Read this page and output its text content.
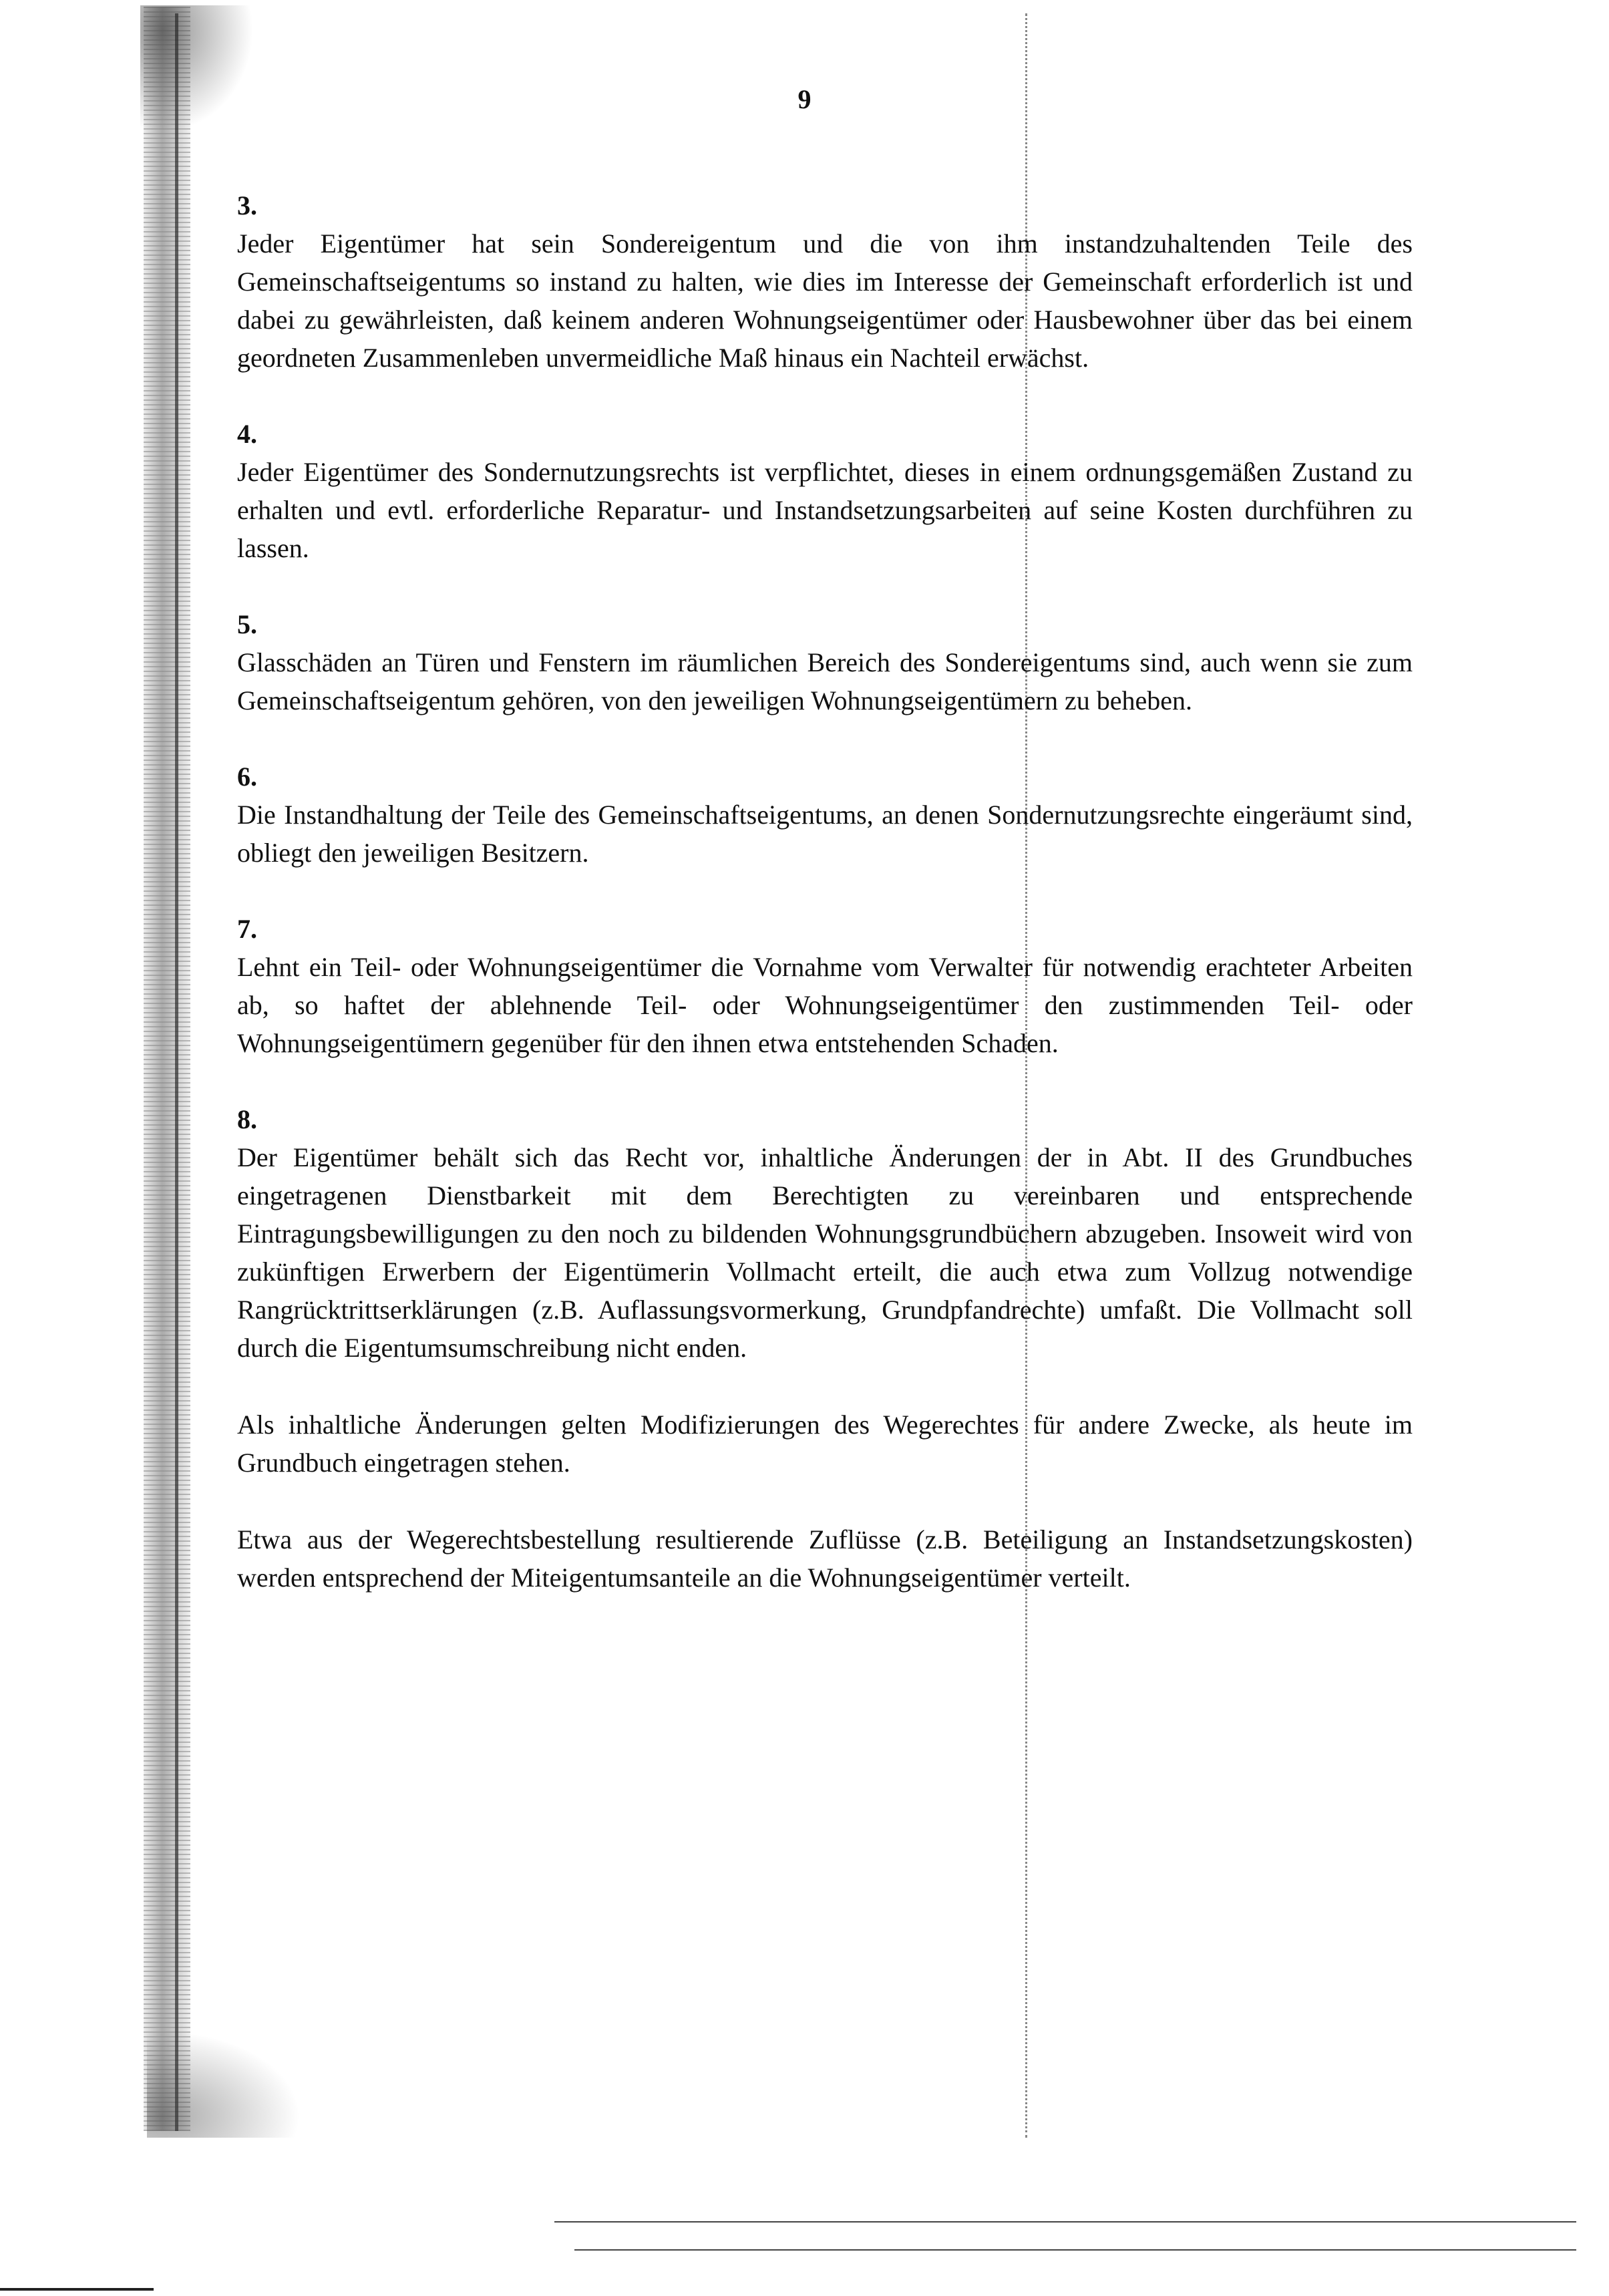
9
3.

Jeder Eigentümer hat sein Sondereigentum und die von ihm instandzuhaltenden Teile des Gemeinschaftseigentums so instand zu halten, wie dies im Interesse der Gemeinschaft erforderlich ist und dabei zu gewährleisten, daß keinem anderen Wohnungseigentümer oder Hausbewohner über das bei einem geordneten Zusammenleben unvermeidliche Maß hinaus ein Nachteil erwächst.

4.

Jeder Eigentümer des Sondernutzungsrechts ist verpflichtet, dieses in einem ordnungsgemäßen Zustand zu erhalten und evtl. erforderliche Reparatur- und Instandsetzungsarbeiten auf seine Kosten durchführen zu lassen.

5.

Glasschäden an Türen und Fenstern im räumlichen Bereich des Sondereigentums sind, auch wenn sie zum Gemeinschaftseigentum gehören, von den jeweiligen Wohnungseigentümern zu beheben.

6.

Die Instandhaltung der Teile des Gemeinschaftseigentums, an denen Sondernutzungsrechte eingeräumt sind, obliegt den jeweiligen Besitzern.

7.

Lehnt ein Teil- oder Wohnungseigentümer die Vornahme vom Verwalter für notwendig erachteter Arbeiten ab, so haftet der ablehnende Teil- oder Wohnungseigentümer den zustimmenden Teil- oder Wohnungseigentümern gegenüber für den ihnen etwa entstehenden Schaden.

8.

Der Eigentümer behält sich das Recht vor, inhaltliche Änderungen der in Abt. II des Grundbuches eingetragenen Dienstbarkeit mit dem Berechtigten zu vereinbaren und entsprechende Eintragungsbewilligungen zu den noch zu bildenden Wohnungsgrundbüchern abzugeben. Insoweit wird von zukünftigen Erwerbern der Eigentümerin Vollmacht erteilt, die auch etwa zum Vollzug notwendige Rangrücktrittserklärungen (z.B. Auflassungsvormerkung, Grundpfandrechte) umfaßt. Die Vollmacht soll durch die Eigentumsumschreibung nicht enden.

Als inhaltliche Änderungen gelten Modifizierungen des Wegerechtes für andere Zwecke, als heute im Grundbuch eingetragen stehen.

Etwa aus der Wegerechtsbestellung resultierende Zuflüsse (z.B. Beteiligung an Instandsetzungskosten) werden entsprechend der Miteigentumsanteile an die Wohnungseigentümer verteilt.
